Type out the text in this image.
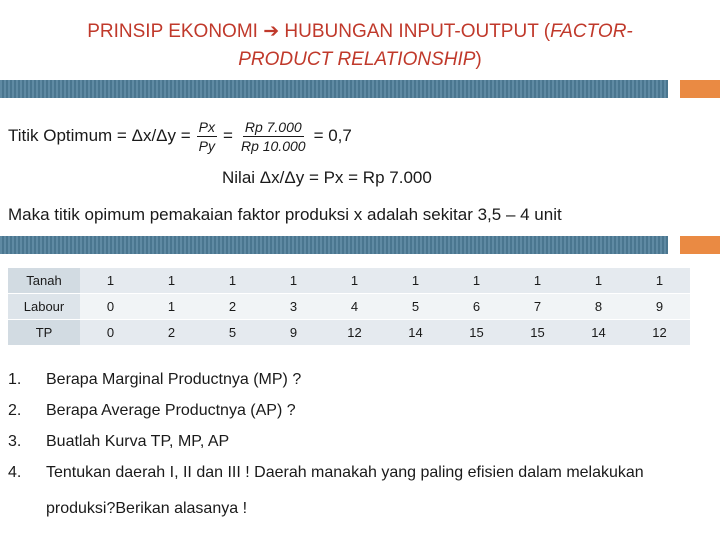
PRINSIP EKONOMI ➔ HUBUNGAN INPUT-OUTPUT (FACTOR-
PRODUCT RELATIONSHIP)
Titik Optimum = $\Delta x/\Delta y = \frac{Px}{Py} = \frac{Rp 7.000}{Rp 10.000} = 0,7$
Nilai Δx/Δy = Px = Rp 7.000
Maka titik opimum pemakaian faktor produksi x adalah sekitar 3,5 – 4 unit
Tanah	1	1	1	1	1	1	1	1	1	1
Labour	0	1	2	3	4	5	6	7	8	9
TP	0	2	5	9	12	14	15	15	14	12
1.	Berapa Marginal Productnya (MP) ?
2.	Berapa Average Productnya (AP) ?
3.	Buatlah Kurva TP, MP, AP
4.	Tentukan daerah I, II dan III ! Daerah manakah yang paling efisien dalam melakukan produksi?Berikan alasanya !
